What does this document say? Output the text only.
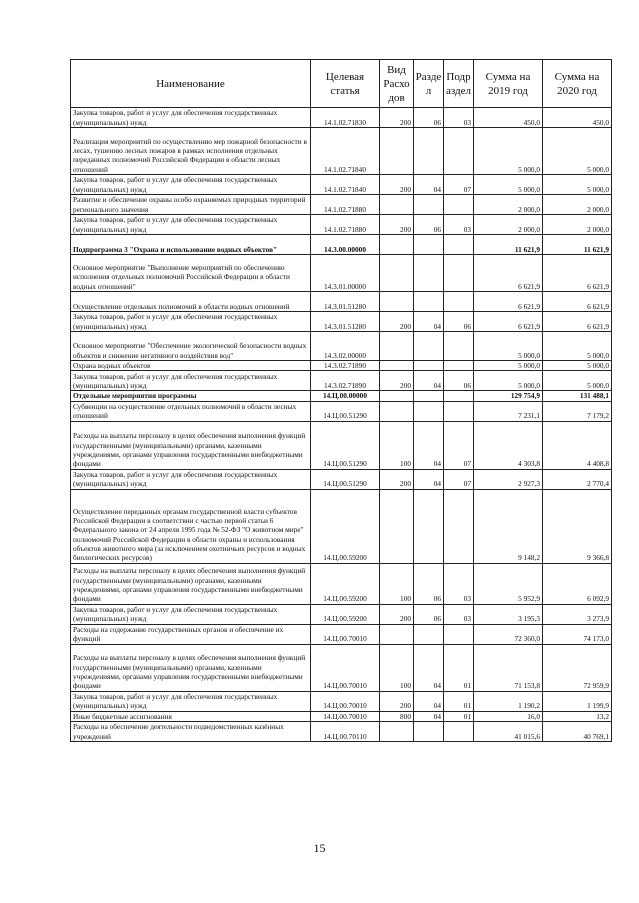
Наименование	Целевая статья	Вид Расхо дов	Разде л	Подр аздел	Сумма на 2019 год	Сумма на 2020 год
Закупка товаров, работ и услуг для обеспечения государственных (муниципальных) нужд	14.1.02.71830	200	06	03	450,0	450,0
Реализация мероприятий по осуществлению мер пожарной безопасности в лесах, тушению лесных пожаров в рамках исполнения отдельных переданных полномочий Российской Федерации в области лесных отношений	14.1.02.71840				5 000,0	5 000,0
Закупка товаров, работ и услуг для обеспечения государственных (муниципальных) нужд	14.1.02.71840	200	04	07	5 000,0	5 000,0
Развитие и обеспечение охраны особо охраняемых природных территорий регионального значения	14.1.02.71880				2 000,0	2 000,0
Закупка товаров, работ и услуг для обеспечения государственных (муниципальных) нужд	14.1.02.71880	200	06	03	2 000,0	2 000,0
Подпрограмма 3 "Охрана и использование водных объектов"	14.3.00.00000				11 621,9	11 621,9
Основное мероприятие "Выполнение мероприятий по обеспечению исполнения отдельных полномочий Российской Федерации в области водных отношений"	14.3.01.00000				6 621,9	6 621,9
Осуществление отдельных полномочий в области водных отношений	14.3.01.51280				6 621,9	6 621,9
Закупка товаров, работ и услуг для обеспечения государственных (муниципальных) нужд	14.3.01.51280	200	04	06	6 621,9	6 621,9
Основное мероприятие "Обеспечение экологической безопасности водных объектов и снижение негативного воздействия вод"	14.3.02.00000				5 000,0	5 000,0
Охрана водных объектов	14.3.02.71890				5 000,0	5 000,0
Закупка товаров, работ и услуг для обеспечения государственных (муниципальных) нужд	14.3.02.71890	200	04	06	5 000,0	5 000,0
Отдельные мероприятия программы	14.Ц.00.00000				129 754,9	131 488,1
Субвенции на осуществление отдельных полномочий в области лесных отношений	14.Ц.00.51290				7 231,1	7 179,2
Расходы на выплаты персоналу в целях обеспечения выполнения функций государственными (муниципальными) органами, казенными учреждениями, органами управления государственными внебюджетными фондами	14.Ц.00.51290	100	04	07	4 303,8	4 408,8
Закупка товаров, работ и услуг для обеспечения государственных (муниципальных) нужд	14.Ц.00.51290	200	04	07	2 927,3	2 770,4
Осуществление переданных органам государственной власти субъектов Российской Федерации в соответствии с частью первой статьи 6 Федерального закона от 24 апреля 1995 года № 52-ФЗ "О животном мире" полномочий Российской Федерации в области охраны и использования объектов животного мира (за исключением охотничьих ресурсов и водных биологических ресурсов)	14.Ц.00.59200				9 148,2	9 366,8
Расходы на выплаты персоналу в целях обеспечения выполнения функций государственными (муниципальными) органами, казенными учреждениями, органами управления государственными внебюджетными фондами	14.Ц.00.59200	100	06	03	5 952,9	6 092,9
Закупка товаров, работ и услуг для обеспечения государственных (муниципальных) нужд	14.Ц.00.59200	200	06	03	3 195,3	3 273,9
Расходы на содержание государственных органов и обеспечение их функций	14.Ц.00.70010				72 360,0	74 173,0
Расходы на выплаты персоналу в целях обеспечения выполнения функций государственными (муниципальными) органами, казенными учреждениями, органами управления государственными внебюджетными фондами	14.Ц.00.70010	100	04	01	71 153,8	72 959,9
Закупка товаров, работ и услуг для обеспечения государственных (муниципальных) нужд	14.Ц.00.70010	200	04	01	1 190,2	1 199,9
Иные бюджетные ассигнования	14.Ц.00.70010	800	04	01	16,0	13,2
Расходы на обеспечение деятельности подведомственных казённых учреждений	14.Ц.00.70110				41 015,6	40 769,1
15
